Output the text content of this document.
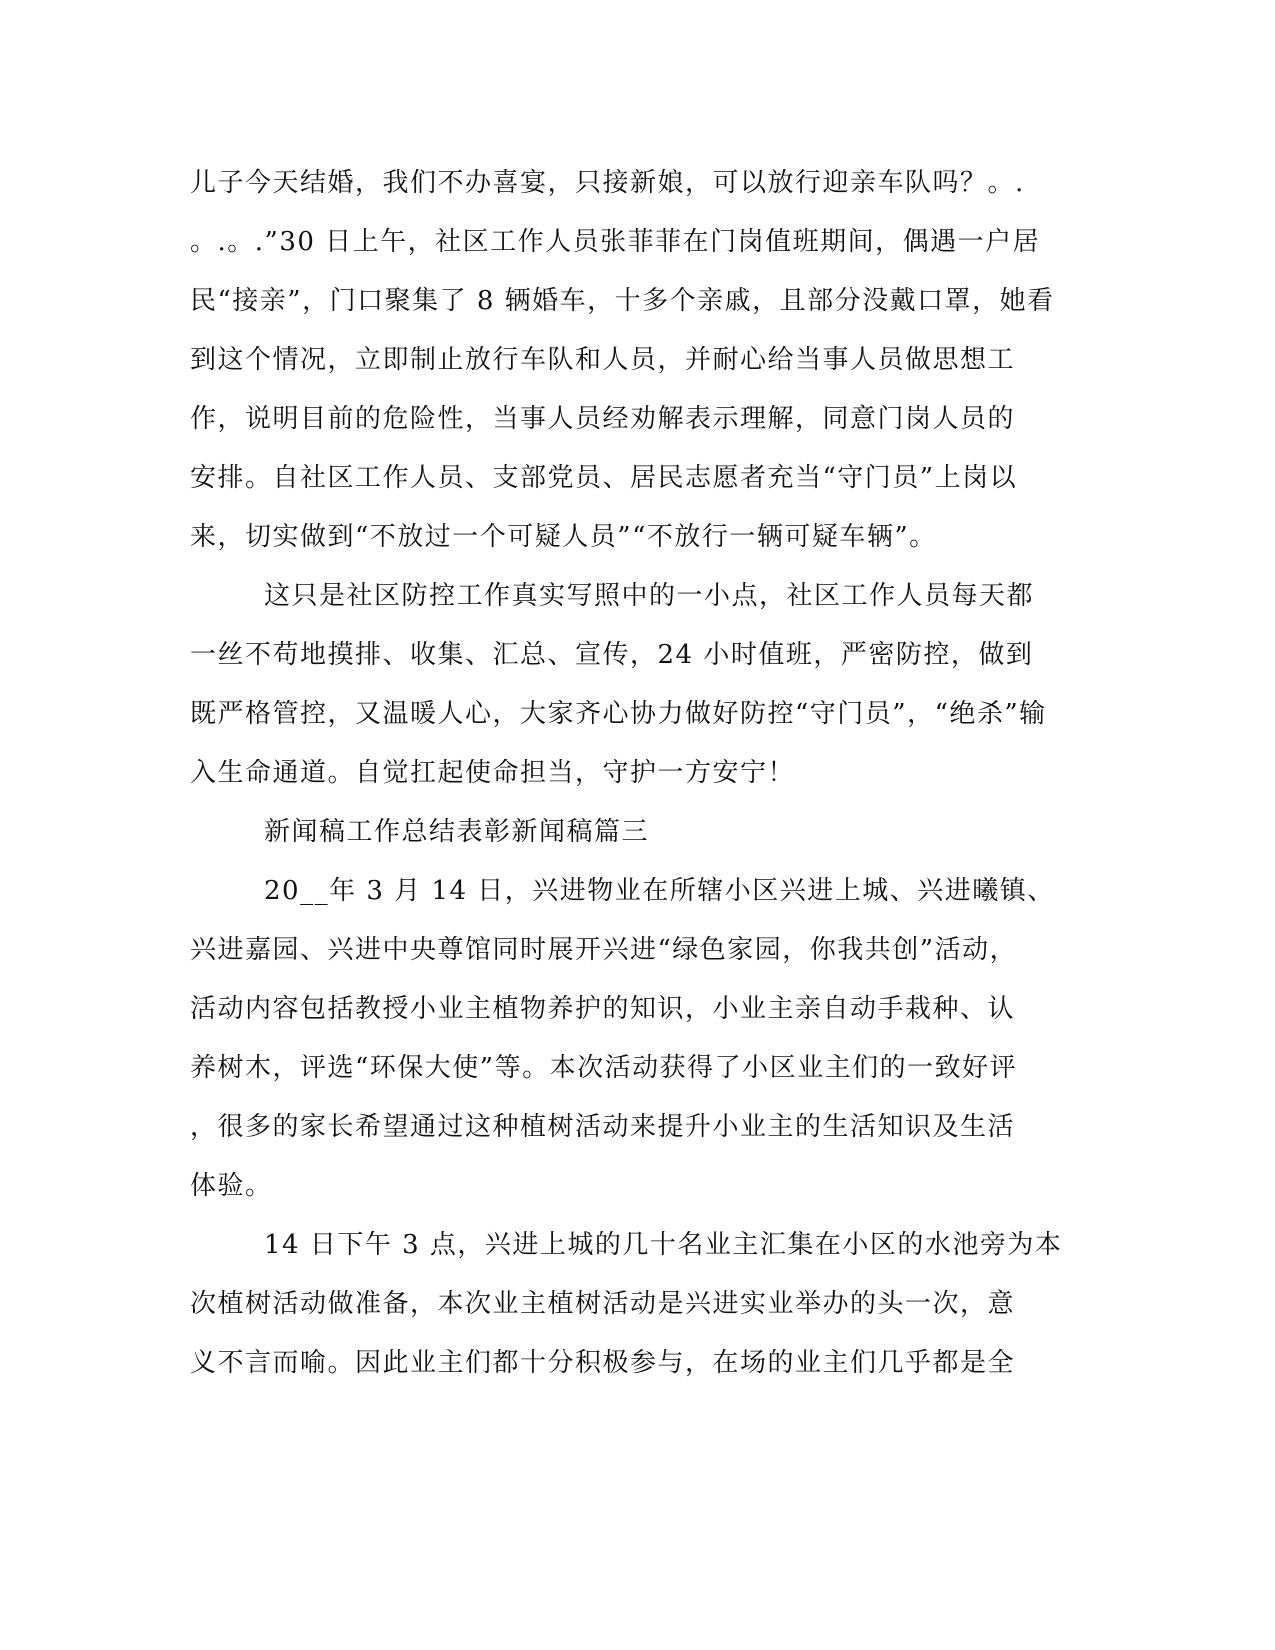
儿子今天结婚，我们不办喜宴，只接新娘，可以放行迎亲车队吗？。.
。.。.”30 日上午，社区工作人员张菲菲在门岗值班期间，偶遇一户居
民“接亲”，门口聚集了 8 辆婚车，十多个亲戚，且部分没戴口罩，她看
到这个情况，立即制止放行车队和人员，并耐心给当事人员做思想工
作，说明目前的危险性，当事人员经劝解表示理解，同意门岗人员的
安排。自社区工作人员、支部党员、居民志愿者充当“守门员”上岗以
来，切实做到“不放过一个可疑人员”“不放行一辆可疑车辆”。
这只是社区防控工作真实写照中的一小点，社区工作人员每天都
一丝不苟地摸排、收集、汇总、宣传，24 小时值班，严密防控，做到
既严格管控，又温暖人心，大家齐心协力做好防控“守门员”，“绝杀”输
入生命通道。自觉扛起使命担当，守护一方安宁！
新闻稿工作总结表彰新闻稿篇三
20__年 3 月 14 日，兴进物业在所辖小区兴进上城、兴进曦镇、
兴进嘉园、兴进中央尊馆同时展开兴进“绿色家园，你我共创”活动，
活动内容包括教授小业主植物养护的知识，小业主亲自动手栽种、认
养树木，评选“环保大使”等。本次活动获得了小区业主们的一致好评
，很多的家长希望通过这种植树活动来提升小业主的生活知识及生活
体验。
14 日下午 3 点，兴进上城的几十名业主汇集在小区的水池旁为本
次植树活动做准备，本次业主植树活动是兴进实业举办的头一次，意
义不言而喻。因此业主们都十分积极参与，在场的业主们几乎都是全
